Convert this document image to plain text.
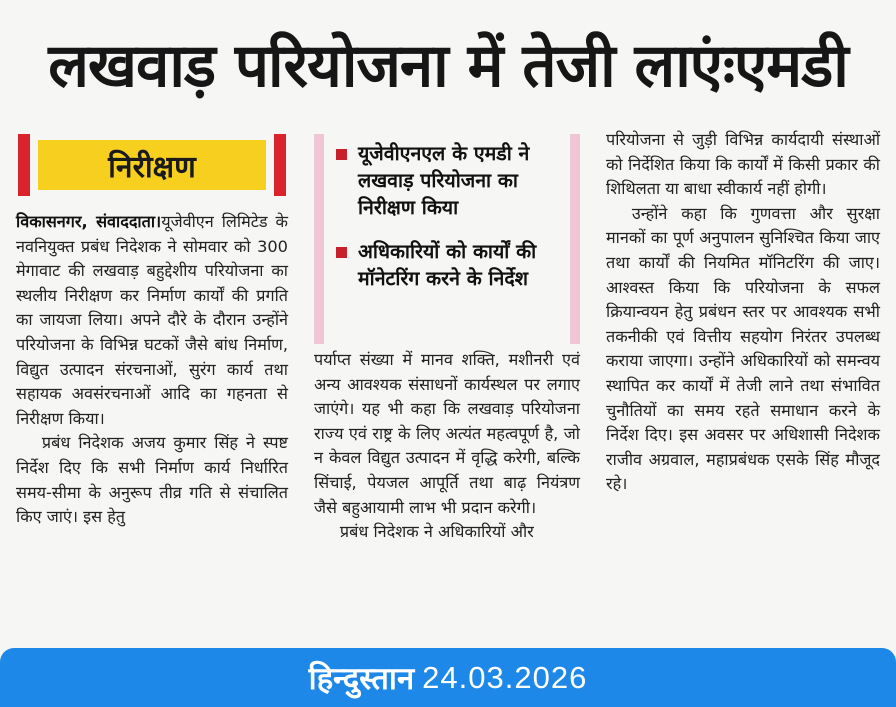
लखवाड़ परियोजना में तेजी लाएंःएमडी
निरीक्षण

विकासनगर, संवाददाता।यूजेवीएन लिमिटेड के नवनियुक्त प्रबंध निदेशक ने सोमवार को 300 मेगावाट की लखवाड़ बहुद्देशीय परियोजना का स्थलीय निरीक्षण कर निर्माण कार्यों की प्रगति का जायजा लिया। अपने दौरे के दौरान उन्होंने परियोजना के विभिन्न घटकों जैसे बांध निर्माण, विद्युत उत्पादन संरचनाओं, सुरंग कार्य तथा सहायक अवसंरचनाओं आदि का गहनता से निरीक्षण किया।

प्रबंध निदेशक अजय कुमार सिंह ने स्पष्ट निर्देश दिए कि सभी निर्माण कार्य निर्धारित समय-सीमा के अनुरूप तीव्र गति से संचालित किए जाएं। इस हेतु

यूजेवीएनएल के एमडी ने लखवाड़ परियोजना का निरीक्षण किया
अधिकारियों को कार्यों की मॉनेटरिंग करने के निर्देश

पर्याप्त संख्या में मानव शक्ति, मशीनरी एवं अन्य आवश्यक संसाधनों कार्यस्थल पर लगाए जाएंगे। यह भी कहा कि लखवाड़ परियोजना राज्य एवं राष्ट्र के लिए अत्यंत महत्वपूर्ण है, जो न केवल विद्युत उत्पादन में वृद्धि करेगी, बल्कि सिंचाई, पेयजल आपूर्ति तथा बाढ़ नियंत्रण जैसे बहुआयामी लाभ भी प्रदान करेगी।

प्रबंध निदेशक ने अधिकारियों और

परियोजना से जुड़ी विभिन्न कार्यदायी संस्थाओं को निर्देशित किया कि कार्यों में किसी प्रकार की शिथिलता या बाधा स्वीकार्य नहीं होगी।

उन्होंने कहा कि गुणवत्ता और सुरक्षा मानकों का पूर्ण अनुपालन सुनिश्चित किया जाए तथा कार्यों की नियमित मॉनिटरिंग की जाए। आश्वस्त किया कि परियोजना के सफल क्रियान्वयन हेतु प्रबंधन स्तर पर आवश्यक सभी तकनीकी एवं वित्तीय सहयोग निरंतर उपलब्ध कराया जाएगा। उन्होंने अधिकारियों को समन्वय स्थापित कर कार्यों में तेजी लाने तथा संभावित चुनौतियों का समय रहते समाधान करने के निर्देश दिए। इस अवसर पर अधिशासी निदेशक राजीव अग्रवाल, महाप्रबंधक एसके सिंह मौजूद रहे।

हिन्दुस्तान 24.03.2026
